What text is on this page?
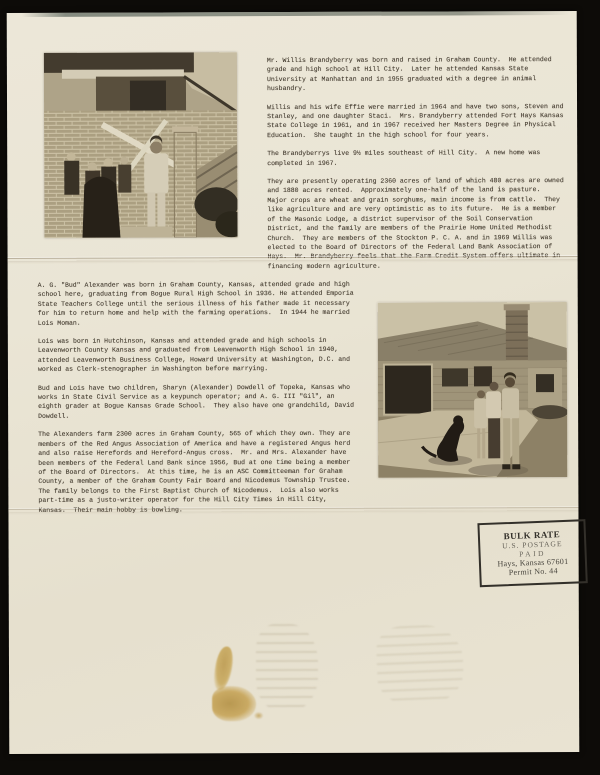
Mr. Willis Brandyberry was born and raised in Graham County.  He attended grade and high school at Hill City.  Later he attended Kansas State University at Manhattan and in 1955 graduated with a degree in animal husbandry.

Willis and his wife Effie were married in 1964 and have two sons, Steven and Stanley, and one daughter Staci.  Mrs. Brandyberry attended Fort Hays Kansas State College in 1961, and in 1967 received her Masters Degree in Physical Education.  She taught in the high school for four years.

The Brandyberrys live 9½ miles southeast of Hill City.  A new home was completed in 1967.

They are presently operating 2360 acres of land of which 480 acres are owned and 1880 acres rented.  Approximately one-half of the land is pasture.  Major crops are wheat and grain sorghums, main income is from cattle.  They like agriculture and are very optimistic as to its future.  He is a member of the Masonic Lodge, a district supervisor of the Soil Conservation District, and the family are members of the Prairie Home United Methodist Church.  They are members of the Stockton P. C. A. and in 1969 Willis was elected to the Board of Directors of the Federal Land Bank Association of Hays.  Mr. Brandyberry feels that the Farm Credit System offers ultimate in financing modern agriculture.

A. G. "Bud" Alexander was born in Graham County, Kansas, attended grade and high school here, graduating from Bogue Rural High School in 1936. He attended Emporia State Teachers College until the serious illness of his father made it necessary for him to return home and help with the farming operations.  In 1944 he married Lois Moman.

Lois was born in Hutchinson, Kansas and attended grade and high schools in Leavenworth County Kansas and graduated from Leavenworth High School in 1940, attended Leavenworth Business College, Howard University at Washington, D.C. and worked as Clerk-stenographer in Washington before marrying.

Bud and Lois have two children, Sharyn (Alexander) Dowdell of Topeka, Kansas who works in State Civil Service as a keypunch operator; and A. G. III "Gil", an eighth grader at Bogue Kansas Grade School.  They also have one grandchild, David Dowdell.

The Alexanders farm 2300 acres in Graham County, 565 of which they own. They are members of the Red Angus Association of America and have a registered Angus herd and also raise Herefords and Hereford-Angus cross.  Mr. and Mrs. Alexander have been members of the Federal Land Bank since 1956, Bud at one time being a member of the Board of Directors.  At this time, he is an ASC Committeeman for Graham County, a member of the Graham County Fair Board and Nicodemus Township Trustee.  The family belongs to the First Baptist Church of Nicodemus.  Lois also works part-time as a justo-writer operator for the Hill City Times in Hill City, Kansas.  Their main hobby is bowling.

BULK RATE
U.S. POSTAGE
PAID
Hays, Kansas 67601
Permit No. 44
